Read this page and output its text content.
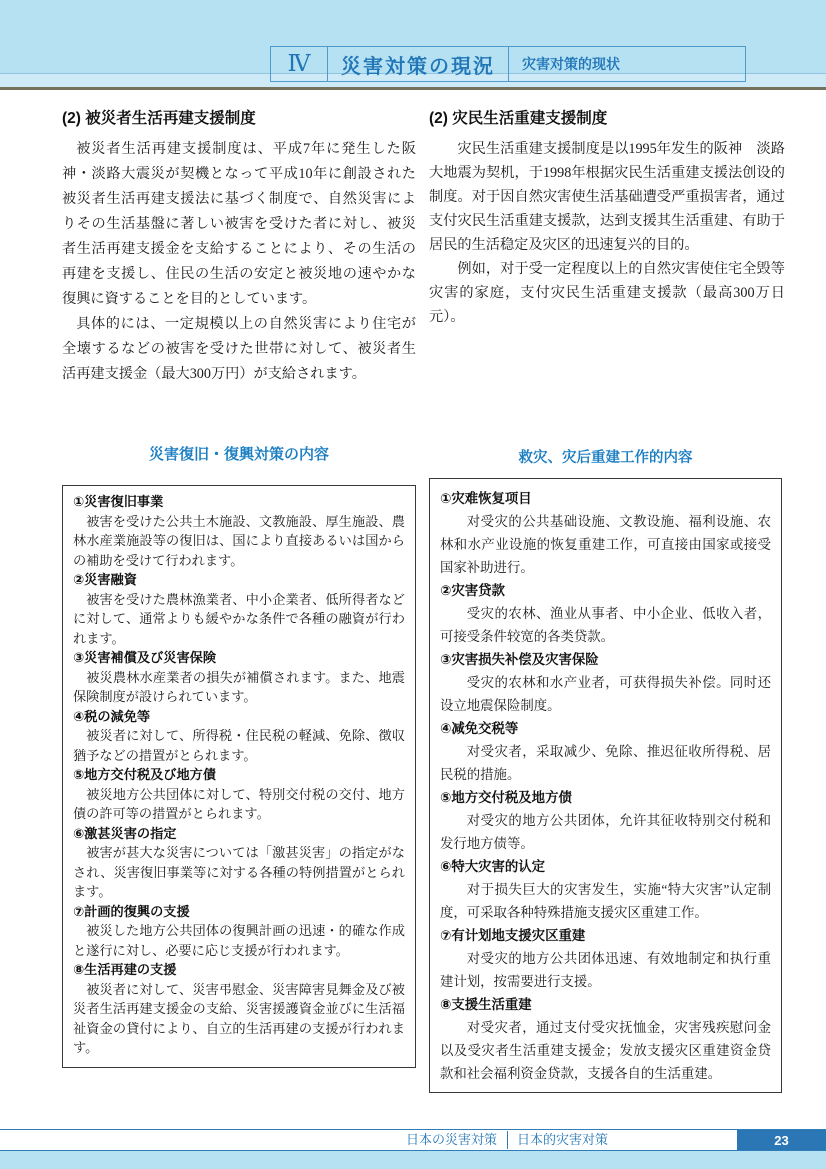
Ⅳ	災害対策の現況	灾害对策的现状
(2) 被災者生活再建支援制度

被災者生活再建支援制度は、平成7年に発生した阪神・淡路大震災が契機となって平成10年に創設された被災者生活再建支援法に基づく制度で、自然災害によりその生活基盤に著しい被害を受けた者に対し、被災者生活再建支援金を支給することにより、その生活の再建を支援し、住民の生活の安定と被災地の速やかな復興に資することを目的としています。

具体的には、一定規模以上の自然災害により住宅が全壊するなどの被害を受けた世帯に対して、被災者生活再建支援金（最大300万円）が支給されます。

(2) 灾民生活重建支援制度

灾民生活重建支援制度是以1995年发生的阪神　淡路大地震为契机，于1998年根据灾民生活重建支援法创设的制度。对于因自然灾害使生活基础遭受严重损害者，通过支付灾民生活重建支援款，达到支援其生活重建、有助于居民的生活稳定及灾区的迅速复兴的目的。

例如，对于受一定程度以上的自然灾害使住宅全毁等灾害的家庭，支付灾民生活重建支援款（最高300万日元）。

災害復旧・復興対策の内容	救灾、灾后重建工作的内容
①災害復旧事業

被害を受けた公共土木施設、文教施設、厚生施設、農林水産業施設等の復旧は、国により直接あるいは国からの補助を受けて行われます。

②災害融資

被害を受けた農林漁業者、中小企業者、低所得者などに対して、通常よりも緩やかな条件で各種の融資が行われます。

③災害補償及び災害保険

被災農林水産業者の損失が補償されます。また、地震保険制度が設けられています。

④税の減免等

被災者に対して、所得税・住民税の軽減、免除、徴収猶予などの措置がとられます。

⑤地方交付税及び地方債

被災地方公共団体に対して、特別交付税の交付、地方債の許可等の措置がとられます。

⑥激甚災害の指定

被害が甚大な災害については「激甚災害」の指定がなされ、災害復旧事業等に対する各種の特例措置がとられます。

⑦計画的復興の支援

被災した地方公共団体の復興計画の迅速・的確な作成と遂行に対し、必要に応じ支援が行われます。

⑧生活再建の支援

被災者に対して、災害弔慰金、災害障害見舞金及び被災者生活再建支援金の支給、災害援護資金並びに生活福祉資金の貸付により、自立的生活再建の支援が行われます。

①灾难恢复项目

对受灾的公共基础设施、文教设施、福利设施、农林和水产业设施的恢复重建工作，可直接由国家或接受国家补助进行。

②灾害贷款

受灾的农林、渔业从事者、中小企业、低收入者，可接受条件较宽的各类贷款。

③灾害损失补偿及灾害保险

受灾的农林和水产业者，可获得损失补偿。同时还设立地震保险制度。

④减免交税等

对受灾者，采取减少、免除、推迟征收所得税、居民税的措施。

⑤地方交付税及地方债

对受灾的地方公共团体，允许其征收特别交付税和发行地方债等。

⑥特大灾害的认定

对于损失巨大的灾害发生，实施“特大灾害”认定制度，可采取各种特殊措施支援灾区重建工作。

⑦有计划地支援灾区重建

对受灾的地方公共团体迅速、有效地制定和执行重建计划，按需要进行支援。

⑧支援生活重建

对受灾者，通过支付受灾抚恤金，灾害残疾慰问金以及受灾者生活重建支援金；发放支援灾区重建资金贷款和社会福利资金贷款，支援各自的生活重建。

日本の災害対策 日本的灾害对策	23
